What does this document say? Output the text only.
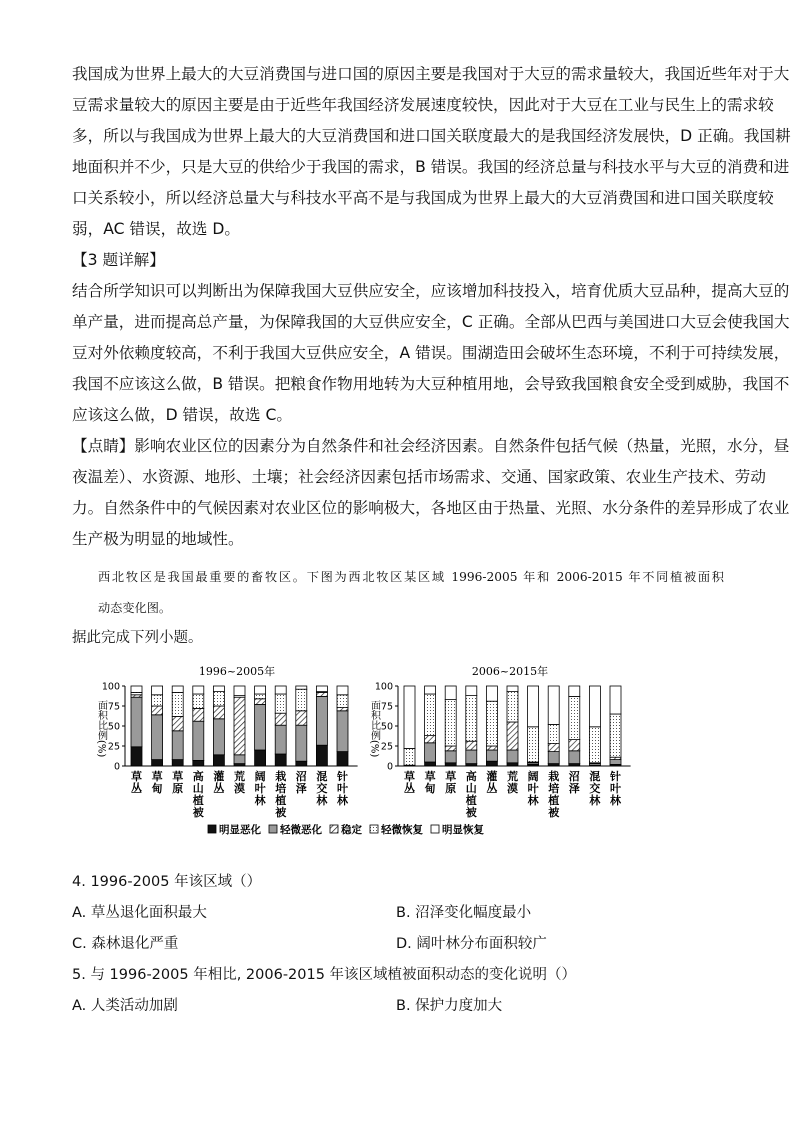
我国成为世界上最大的大豆消费国与进口国的原因主要是我国对于大豆的需求量较大，我国近些年对于大
豆需求量较大的原因主要是由于近些年我国经济发展速度较快，因此对于大豆在工业与民生上的需求较
多，所以与我国成为世界上最大的大豆消费国和进口国关联度最大的是我国经济发展快，D 正确。我国耕
地面积并不少，只是大豆的供给少于我国的需求，B 错误。我国的经济总量与科技水平与大豆的消费和进
口关系较小，所以经济总量大与科技水平高不是与我国成为世界上最大的大豆消费国和进口国关联度较
弱，AC 错误，故选 D。
【3 题详解】
结合所学知识可以判断出为保障我国大豆供应安全，应该增加科技投入，培育优质大豆品种，提高大豆的
单产量，进而提高总产量，为保障我国的大豆供应安全，C 正确。全部从巴西与美国进口大豆会使我国大
豆对外依赖度较高，不利于我国大豆供应安全，A 错误。围湖造田会破坏生态环境，不利于可持续发展，
我国不应该这么做，B 错误。把粮食作物用地转为大豆种植用地，会导致我国粮食安全受到威胁，我国不
应该这么做，D 错误，故选 C。
【点睛】影响农业区位的因素分为自然条件和社会经济因素。自然条件包括气候（热量，光照，水分，昼
夜温差）、水资源、地形、土壤；社会经济因素包括市场需求、交通、国家政策、农业生产技术、劳动
力。自然条件中的气候因素对农业区位的影响极大，各地区由于热量、光照、水分条件的差异形成了农业
生产极为明显的地域性。
西北牧区是我国最重要的畜牧区。下图为西北牧区某区域 1996-2005 年和 2006-2015 年不同植被面积
动态变化图。
据此完成下列小题。
1996~2005年
面积比例(%)
0
25
50
75
100
草
丛
草
甸
草
原
高
山
植
被
灌
丛
荒
漠
阔
叶
林
栽
培
植
被
沼
泽
混
交
林
针
叶
林
2006~2015年
面积比例(%)
0
25
50
75
100
草
丛
草
甸
草
原
高
山
植
被
灌
丛
荒
漠
阔
叶
林
栽
培
植
被
沼
泽
混
交
林
针
叶
林
明显恶化 轻微恶化 稳定 轻微恢复 明显恢复
4. 1996-2005 年该区域（）
A. 草丛退化面积最大	B. 沼泽变化幅度最小
C. 森林退化严重	D. 阔叶林分布面积较广
5. 与 1996-2005 年相比, 2006-2015 年该区域植被面积动态的变化说明（）
A. 人类活动加剧	B. 保护力度加大
